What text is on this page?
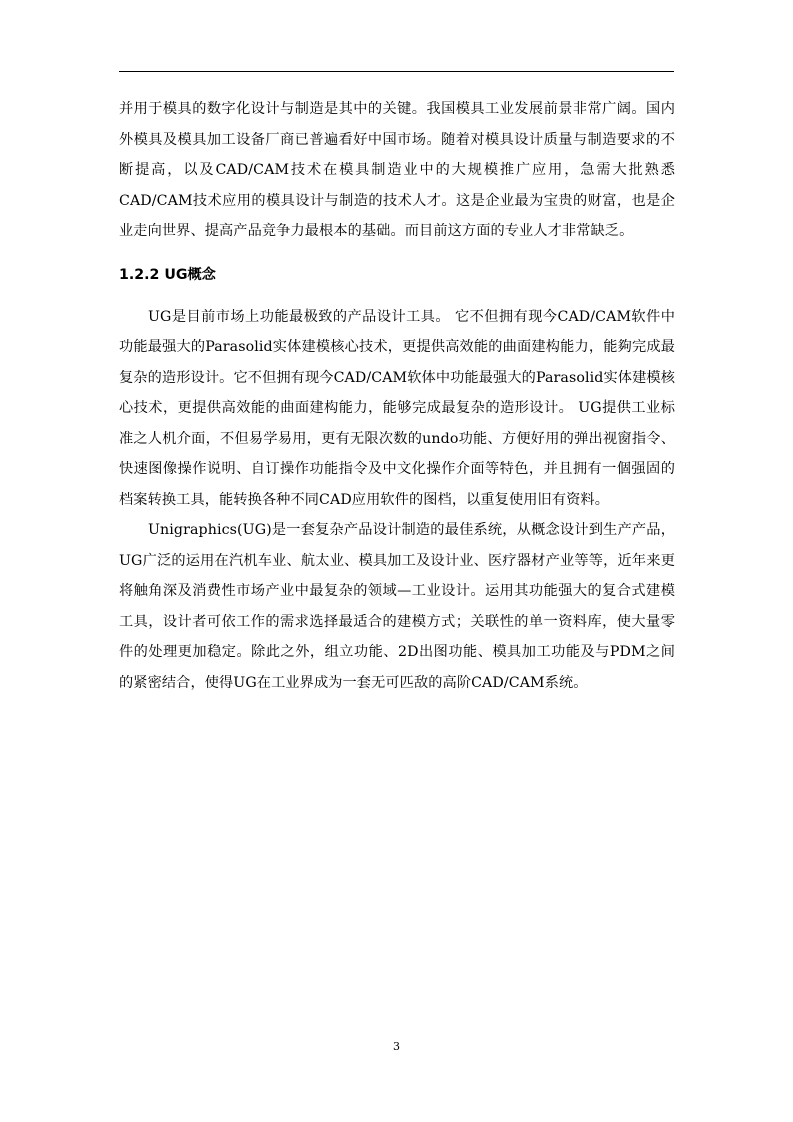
并用于模具的数字化设计与制造是其中的关键。我国模具工业发展前景非常广阔。国内外模具及模具加工设备厂商已普遍看好中国市场。随着对模具设计质量与制造要求的不断提高，以及CAD/CAM技术在模具制造业中的大规模推广应用，急需大批熟悉CAD/CAM技术应用的模具设计与制造的技术人才。这是企业最为宝贵的财富，也是企业走向世界、提高产品竞争力最根本的基础。而目前这方面的专业人才非常缺乏。

1.2.2 UG概念

UG是目前市场上功能最极致的产品设计工具。 它不但拥有现今CAD/CAM软件中功能最强大的Parasolid实体建模核心技术，更提供高效能的曲面建构能力，能夠完成最复杂的造形设计。它不但拥有现今CAD/CAM软体中功能最强大的Parasolid实体建模核心技术，更提供高效能的曲面建构能力，能够完成最复杂的造形设计。 UG提供工业标准之人机介面，不但易学易用，更有无限次数的undo功能、方便好用的弹出视窗指令、快速图像操作说明、自订操作功能指令及中文化操作介面等特色，并且拥有一個强固的档案转换工具，能转换各种不同CAD应用软件的图档，以重复使用旧有资料。

Unigraphics(UG)是一套复杂产品设计制造的最佳系统，从概念设计到生产产品，UG广泛的运用在汽机车业、航太业、模具加工及设计业、医疗器材产业等等，近年来更将触角深及消费性市场产业中最复杂的领域—工业设计。运用其功能强大的复合式建模工具，设计者可依工作的需求选择最适合的建模方式；关联性的单一资料库，使大量零件的处理更加稳定。除此之外，组立功能、2D出图功能、模具加工功能及与PDM之间的紧密结合，使得UG在工业界成为一套无可匹敌的高阶CAD/CAM系统。

3
